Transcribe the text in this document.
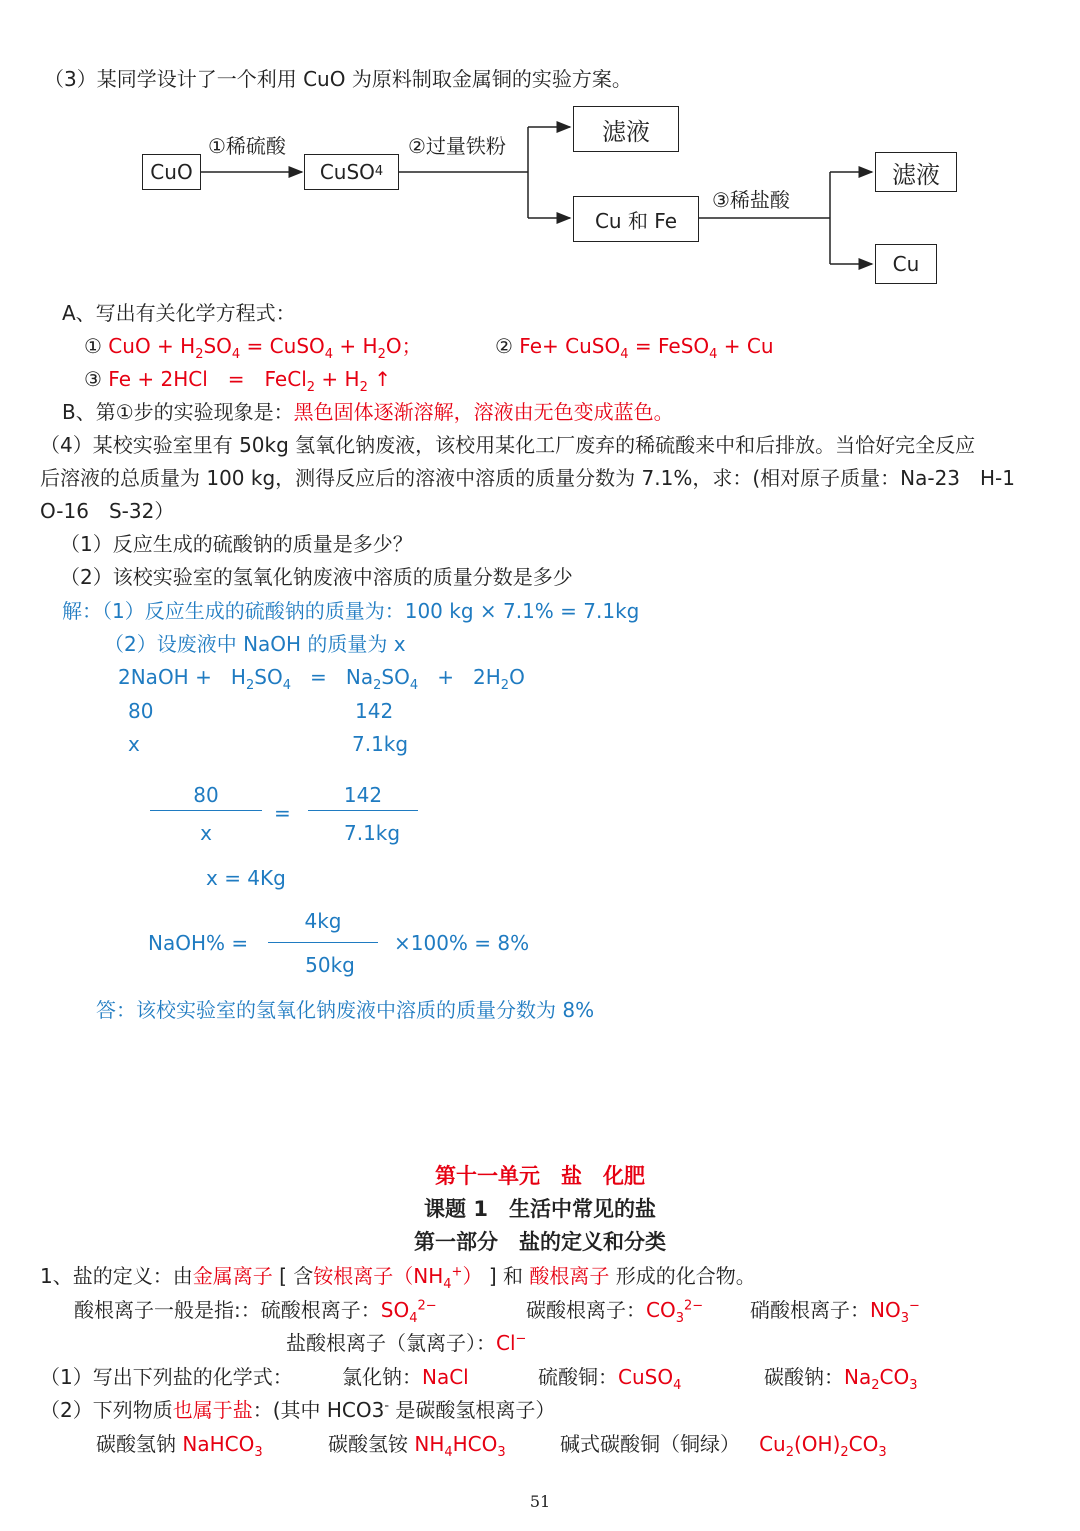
（3）某同学设计了一个利用 CuO 为原料制取金属铜的实验方案。
CuO	CuSO 4
滤液
Cu 和 Fe
滤液
Cu
①稀硫酸	②过量铁粉
③稀盐酸
A、写出有关化学方程式：
① CuO + $H_2SO_4$ = CuSO$_4$ + $H_2O$；	② Fe+ CuSO$_4$ = FeSO$_4$ + Cu
③ Fe + 2HCl　=　FeCl$_2$ + $H_2$ ↑
B、第①步的实验现象是：黑色固体逐渐溶解，溶液由无色变成蓝色。
（4）某校实验室里有 50kg 氢氧化钠废液，该校用某化工厂废弃的稀硫酸来中和后排放。当恰好完全反应
后溶液的总质量为 100 kg，测得反应后的溶液中溶质的质量分数为 7.1%，求：(相对原子质量：Na-23　H-1
O-16　S-32）
（1）反应生成的硫酸钠的质量是多少？
（2）该校实验室的氢氧化钠废液中溶质的质量分数是多少
解：（1）反应生成的硫酸钠的质量为：100 kg × 7.1% = 7.1kg
（2）设废液中 NaOH 的质量为 x
2NaOH + $H_2SO_4 = Na_2SO_4 + 2H_2O$
80	142
x	7.1kg
80
x
=
142
7.1kg
x = 4Kg
NaOH% =
4kg
50kg
×100% = 8%
答：该校实验室的氢氧化钠废液中溶质的质量分数为 8%
第十一单元　盐　化肥
课题 1　生活中常见的盐
第一部分　盐的定义和分类
1、盐的定义：由金属离子 [ 含铵根离子$(NH_4^+)$ ] 和 酸根离子 形成的化合物。
酸根离子一般是指:：硫酸根离子：$SO_4^{2-}$	碳酸根离子：$CO_3^{2-}$ 硝酸根离子：$NO_3^-$
盐酸根离子（氯离子）：Cl−
（1）写出下列盐的化学式： 氯化钠：NaCl	硫酸铜：CuSO$_4$	碳酸钠：$Na_2CO_3$
（2）下列物质也属于盐：(其中 HCO3- 是碳酸氢根离子）
碳酸氢钠 NaHCO$_3$	碳酸氢铵 $NH_4HCO_3$	碱式碳酸铜（铜绿） $Cu_2(OH)_2CO_3$
51
